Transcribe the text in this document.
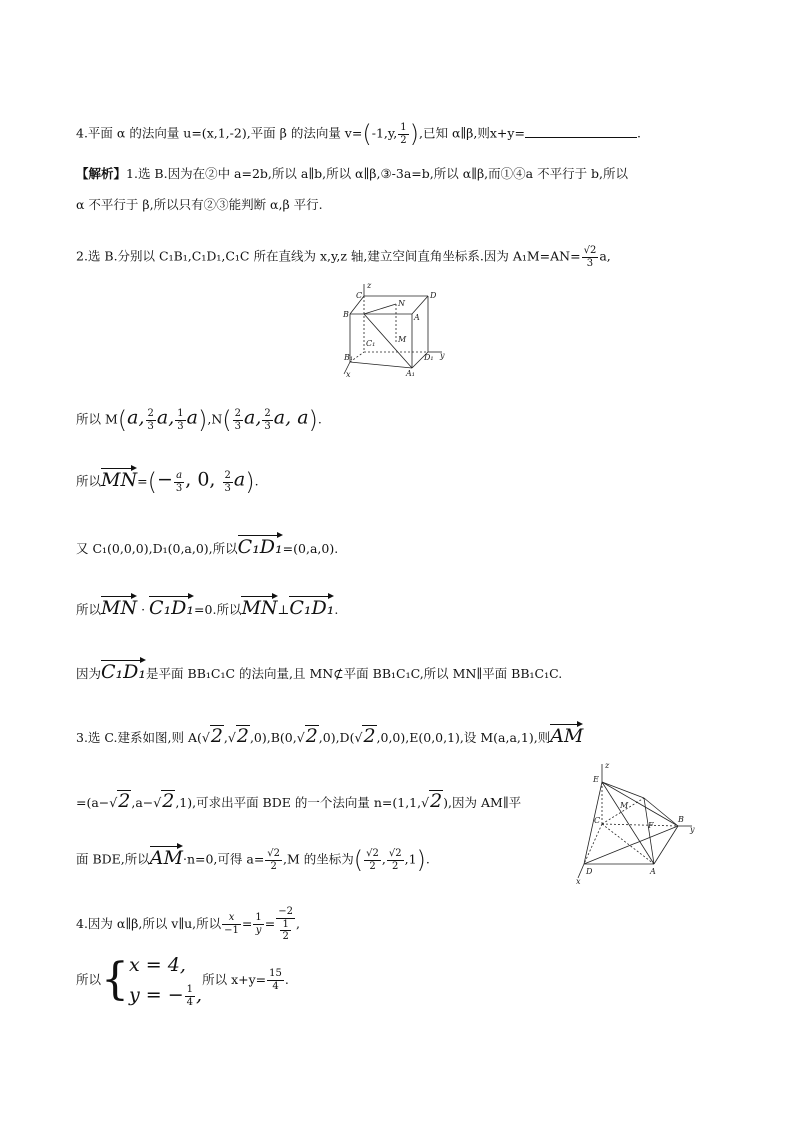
4.平面 α 的法向量 u=(x,1,-2),平面 β 的法向量 v=(-1,y, $\frac{1}{2}$ ),已知 α∥β,则x+y=	.
【解析】1.选 B.因为在②中 a=2b,所以 a∥b,所以 α∥β,③-3a=b,所以 α∥β,而①④a 不平行于 b,所以
α 不平行于 β,所以只有②③能判断 α,β 平行.
2.选 B.分别以 C₁B₁,C₁D₁,C₁C 所在直线为 x,y,z 轴,建立空间直角坐标系.因为 $A_1M=AN= \frac{√2}{3} a$,
z
C
N
D
B	A
C₁	M
B₁	D₁ y
x	A₁
所以 M(a, $\frac{2}{3} a$, $\frac{1}{3} a),N( \frac{2}{3} a$, $\frac{2}{3} a$, a).
所以$MN=(- \frac{a}{3}$ , 0, $\frac{2}{3} a$).
又 C₁(0,0,0),D₁(0,a,0),所以C₁D₁=(0,a,0).
所以MN · C₁D₁=0.所以MN⊥C₁D₁.
因为C₁D₁是平面 BB₁C₁C 的法向量,且 MN⊄平面 BB₁C₁C,所以 MN∥平面 BB₁C₁C.
3.选 C.建系如图,则 A(√2,√2,0),B(0,√2,0),D(√2,0,0),E(0,0,1),设 M(a,a,1),则AM
=(a−√2,a−√2,1),可求出平面 BDE 的一个法向量 n=(1,1,√2),因为 AM∥平
面 BDE,所以AM·n=0,可得 $a= \frac{√2}{2} ,M$ 的坐标为( $\frac{√2}{2}$ , $\frac{√2}{2} ,1$).
z
E
M
C
F
B
y
x
D	A
4.因为 α∥β,所以 v∥u,所以 $\frac{x}{-1} = \frac{1}{y} = \frac{-2}{\frac{1}{2}}$ ,
所以{x = 4,
y = − $\frac{1}{4}$ ,所以 $x+y= \frac{15}{4}$ .
